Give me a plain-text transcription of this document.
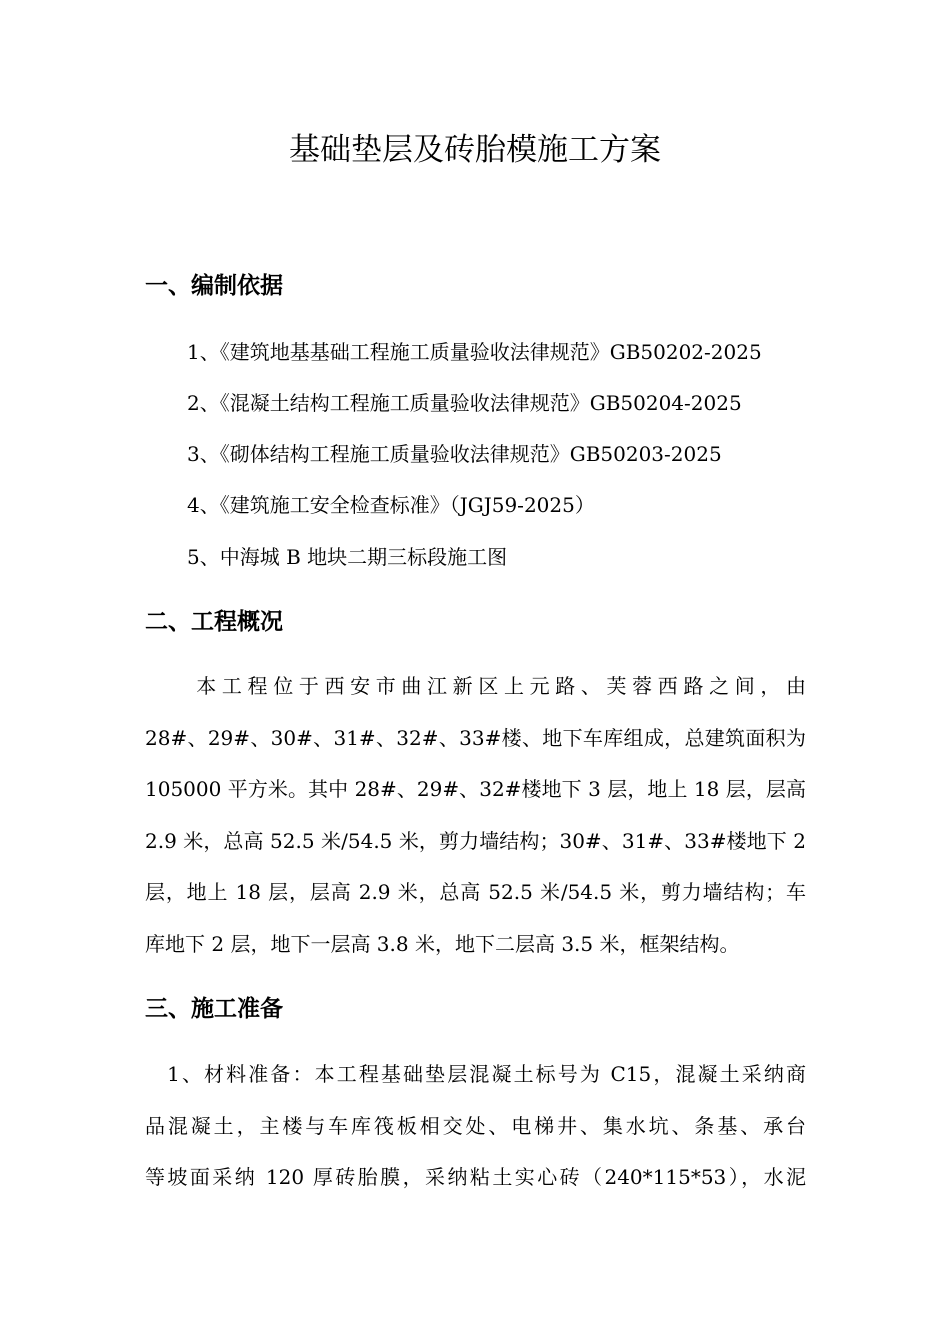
基础垫层及砖胎模施工方案
一、编制依据

1、《建筑地基基础工程施工质量验收法律规范》GB50202-2025

2、《混凝土结构工程施工质量验收法律规范》GB50204-2025

3、《砌体结构工程施工质量验收法律规范》GB50203-2025

4、《建筑施工安全检查标准》（JGJ59-2025）

5、中海城 B 地块二期三标段施工图

二、工程概况
　　本工程位于西安市曲江新区上元路、芙蓉西路之间，由
28#、29#、30#、31#、32#、33#楼、地下车库组成，总建筑面积为
105000 平方米。其中 28#、29#、32#楼地下 3 层，地上 18 层，层高
2.9 米，总高 52.5 米/54.5 米，剪力墙结构；30#、31#、33#楼地下 2
层，地上 18 层，层高 2.9 米，总高 52.5 米/54.5 米，剪力墙结构；车
库地下 2 层，地下一层高 3.8 米，地下二层高 3.5 米，框架结构。
三、施工准备
　1、材料准备：本工程基础垫层混凝土标号为 C15，混凝土采纳商
品混凝土，主楼与车库筏板相交处、电梯井、集水坑、条基、承台
等坡面采纳 120 厚砖胎膜，采纳粘土实心砖（240*115*53），水泥
